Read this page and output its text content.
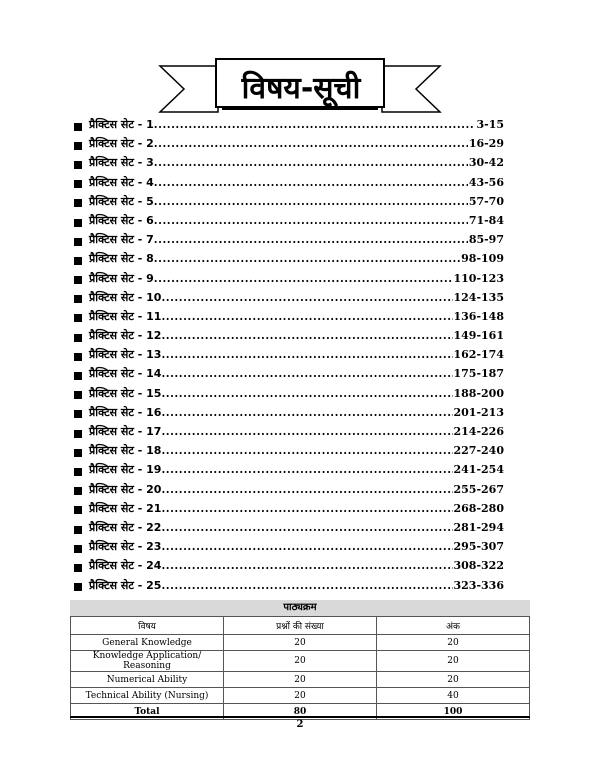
विषय-सूची
प्रैक्टिस सेट - 1 .....	3-15
प्रैक्टिस सेट - 2 .....	16-29
प्रैक्टिस सेट - 3 .....	30-42
प्रैक्टिस सेट - 4 .....	43-56
प्रैक्टिस सेट - 5 .....	57-70
प्रैक्टिस सेट - 6 .....	71-84
प्रैक्टिस सेट - 7 .....	85-97
प्रैक्टिस सेट - 8 .....	98-109
प्रैक्टिस सेट - 9 .....	110-123
प्रैक्टिस सेट - 10 .....	124-135
प्रैक्टिस सेट - 11 .....	136-148
प्रैक्टिस सेट - 12 .....	149-161
प्रैक्टिस सेट - 13 .....	162-174
प्रैक्टिस सेट - 14 .....	175-187
प्रैक्टिस सेट - 15 .....	188-200
प्रैक्टिस सेट - 16 .....	201-213
प्रैक्टिस सेट - 17 .....	214-226
प्रैक्टिस सेट - 18 .....	227-240
प्रैक्टिस सेट - 19 .....	241-254
प्रैक्टिस सेट - 20 .....	255-267
प्रैक्टिस सेट - 21 .....	268-280
प्रैक्टिस सेट - 22 .....	281-294
प्रैक्टिस सेट - 23 .....	295-307
प्रैक्टिस सेट - 24 .....	308-322
प्रैक्टिस सेट - 25 .....	323-336
पाठ्यक्रम
विषय	प्रश्नों की संख्या	अंक
General Knowledge	20	20
Knowledge Application/ Reasoning	20	20
Numerical Ability	20	20
Technical Ability (Nursing)	20	40
Total	80	100
2
